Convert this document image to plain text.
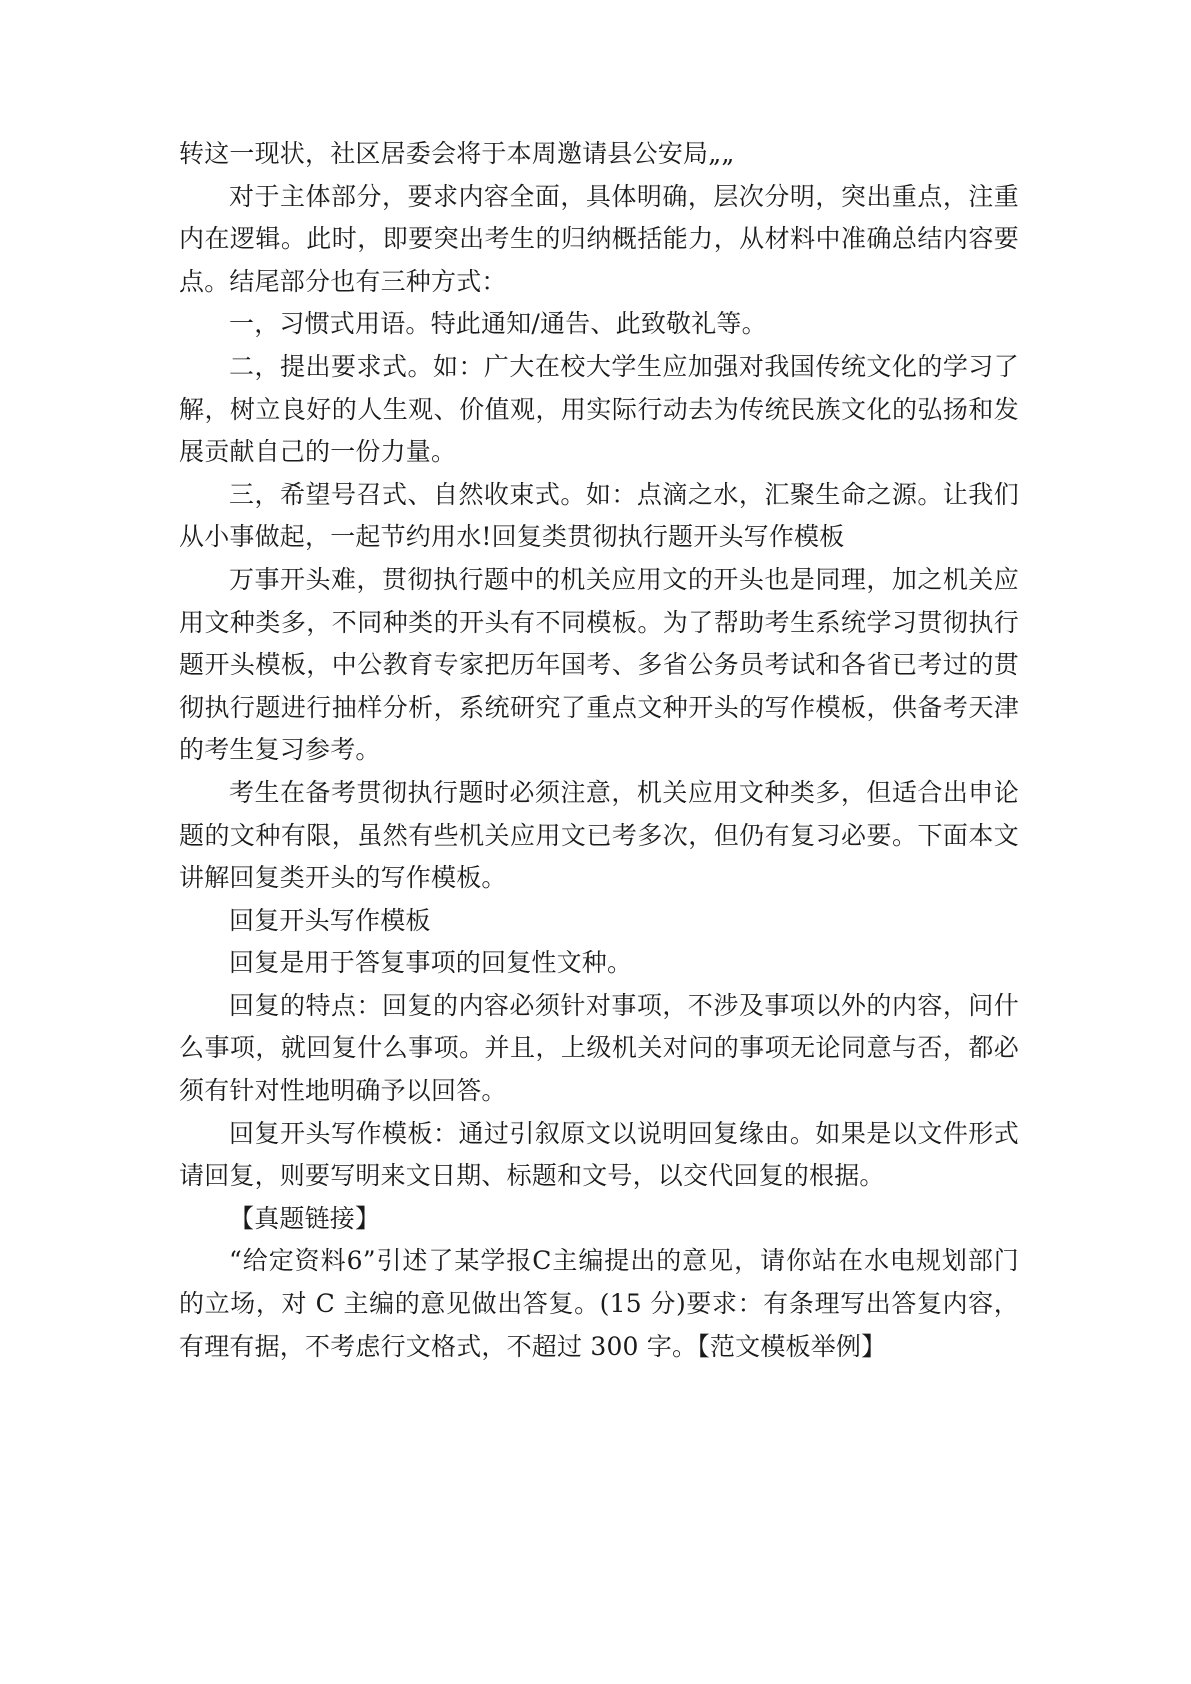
转这一现状，社区居委会将于本周邀请县公安局„„

对于主体部分，要求内容全面，具体明确，层次分明，突出重点，注重内在逻辑。此时，即要突出考生的归纳概括能力，从材料中准确总结内容要点。结尾部分也有三种方式：

一，习惯式用语。特此通知/通告、此致敬礼等。

二，提出要求式。如：广大在校大学生应加强对我国传统文化的学习了解，树立良好的人生观、价值观，用实际行动去为传统民族文化的弘扬和发展贡献自己的一份力量。

三，希望号召式、自然收束式。如：点滴之水，汇聚生命之源。让我们从小事做起，一起节约用水!回复类贯彻执行题开头写作模板

万事开头难，贯彻执行题中的机关应用文的开头也是同理，加之机关应用文种类多，不同种类的开头有不同模板。为了帮助考生系统学习贯彻执行题开头模板，中公教育专家把历年国考、多省公务员考试和各省已考过的贯彻执行题进行抽样分析，系统研究了重点文种开头的写作模板，供备考天津的考生复习参考。

考生在备考贯彻执行题时必须注意，机关应用文种类多，但适合出申论题的文种有限，虽然有些机关应用文已考多次，但仍有复习必要。下面本文讲解回复类开头的写作模板。

回复开头写作模板

回复是用于答复事项的回复性文种。

回复的特点：回复的内容必须针对事项，不涉及事项以外的内容，问什么事项，就回复什么事项。并且，上级机关对问的事项无论同意与否，都必须有针对性地明确予以回答。

回复开头写作模板：通过引叙原文以说明回复缘由。如果是以文件形式请回复，则要写明来文日期、标题和文号，以交代回复的根据。

【真题链接】

“给定资料6”引述了某学报C主编提出的意见，请你站在水电规划部门的立场，对 C 主编的意见做出答复。(15 分)要求：有条理写出答复内容，有理有据，不考虑行文格式，不超过 300 字。【范文模板举例】
